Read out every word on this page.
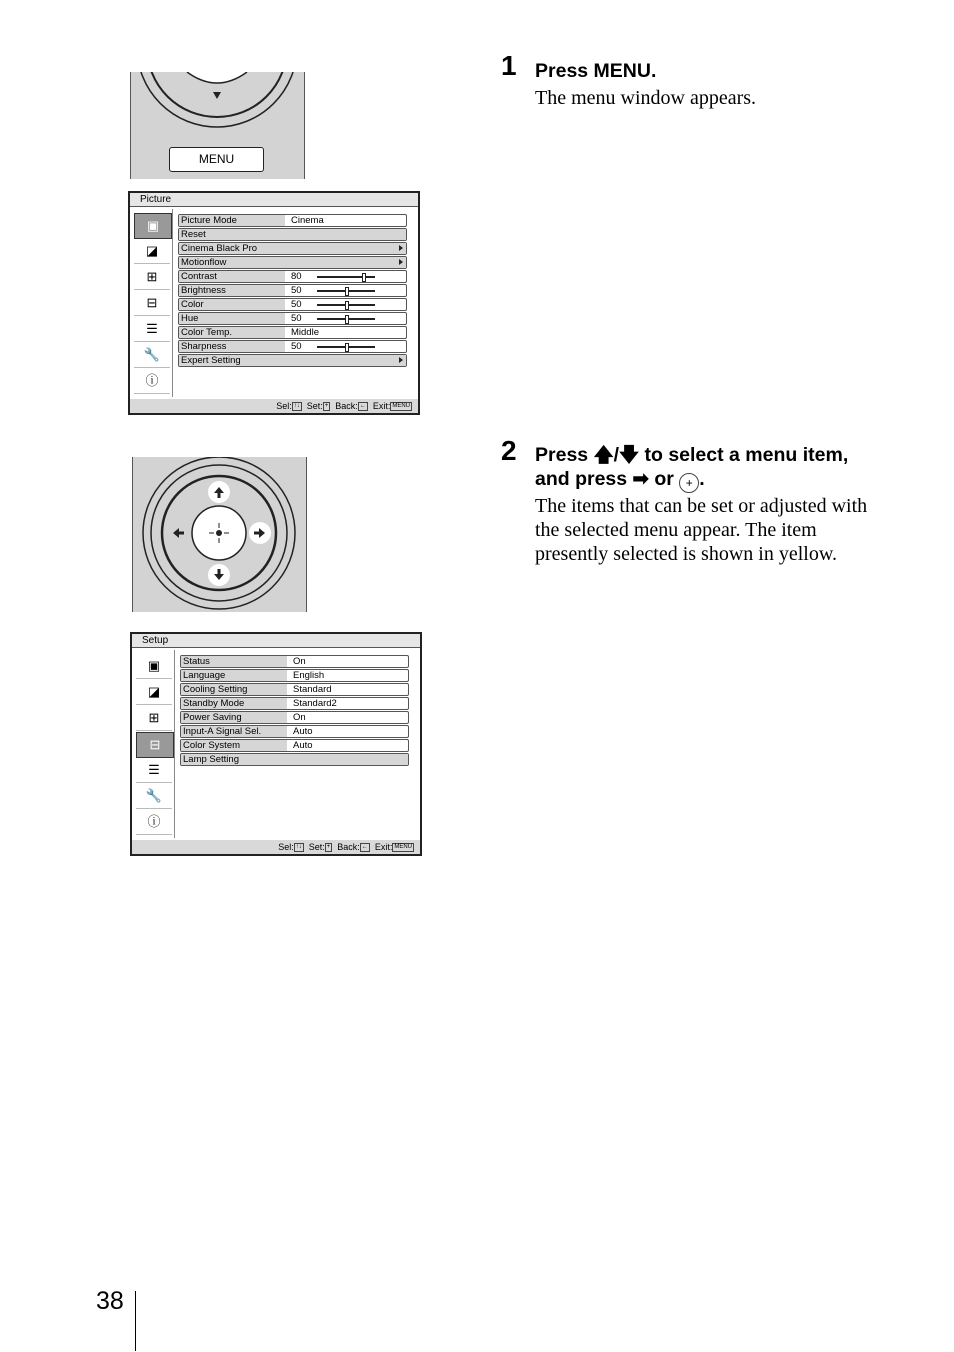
MENU
Picture
▣
◪
⊞
⊟
☰
🔧
ⓘ
Picture Mode	Cinema
Reset
Cinema Black Pro
Motionflow
Contrast	80
Brightness	50
Color	50
Hue	50
Color Temp.	Middle
Sharpness	50
Expert Setting
Sel: ↑↓ Set: + Back: ← Exit: MENU
Setup
▣
◪
⊞
⊟
☰
🔧
ⓘ
Status	On
Language	English
Cooling Setting	Standard
Standby Mode	Standard2
Power Saving	On
Input-A Signal Sel.	Auto
Color System	Auto
Lamp Setting
Sel: ↑↓ Set: + Back: ← Exit: MENU
1 Press MENU.
The menu window appears.
2 Press 🡅/🡇 to select a menu item,
and press ➡ or + .
The items that can be set or adjusted with the selected menu appear. The item presently selected is shown in yellow.
38
